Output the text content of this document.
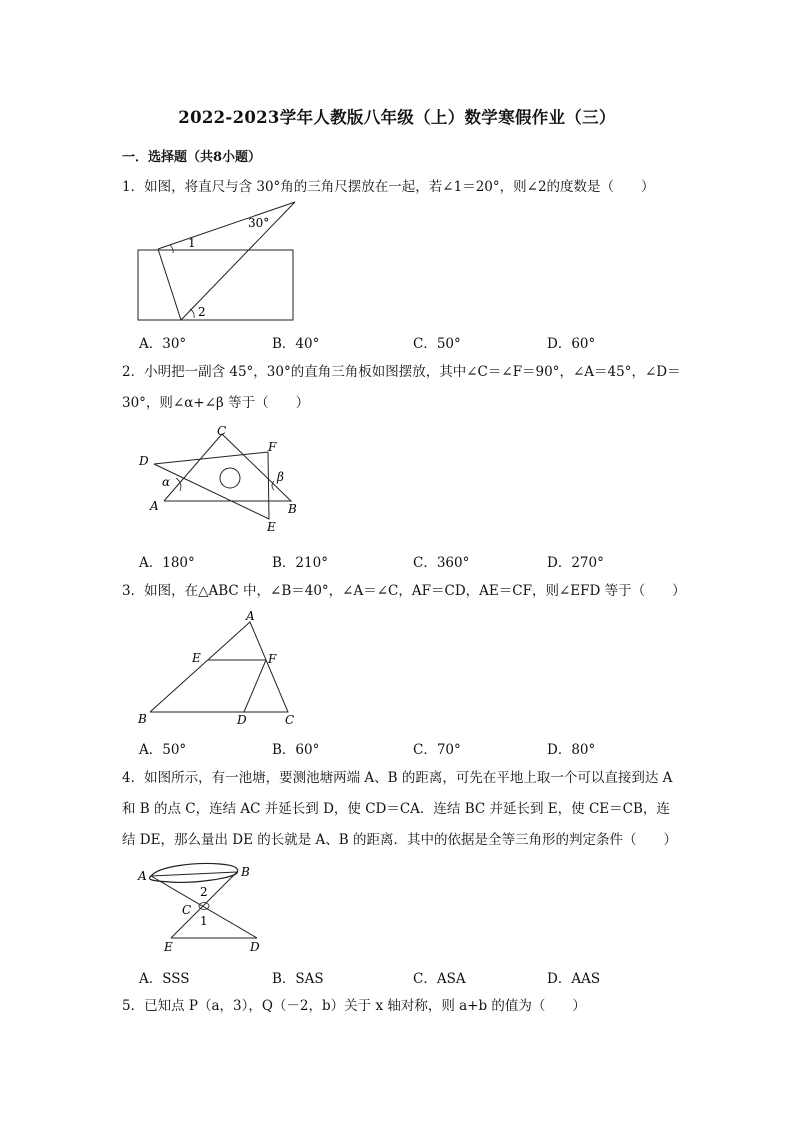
2022-2023学年人教版八年级（上）数学寒假作业（三）
一．选择题（共8小题）
1．如图，将直尺与含 30°角的三角尺摆放在一起，若∠1＝20°，则∠2的度数是（　　）
30°
1
2
A．30°	B．40°	C．50°	D．60°
2．小明把一副含 45°，30°的直角三角板如图摆放，其中∠C＝∠F＝90°，∠A＝45°，∠D＝30°，则∠α+∠β 等于（　　）
C
F
D
α	β
A	B
E
A．180°	B．210°	C．360°	D．270°
3．如图，在△ABC 中，∠B＝40°，∠A＝∠C，AF＝CD，AE＝CF，则∠EFD 等于（　　）
A
E	F
B	D	C
A．50°	B．60°	C．70°	D．80°
4．如图所示，有一池塘，要测池塘两端 A、B 的距离，可先在平地上取一个可以直接到达 A 和 B 的点 C，连结 AC 并延长到 D，使 CD＝CA．连结 BC 并延长到 E，使 CE＝CB，连结 DE，那么量出 DE 的长就是 A、B 的距离．其中的依据是全等三角形的判定条件（　　）
A	B
2
C
1
E	D
A．SSS	B．SAS	C．ASA	D．AAS
5．已知点 P（a，3），Q（－2，b）关于 x 轴对称，则 a+b 的值为（　　）
